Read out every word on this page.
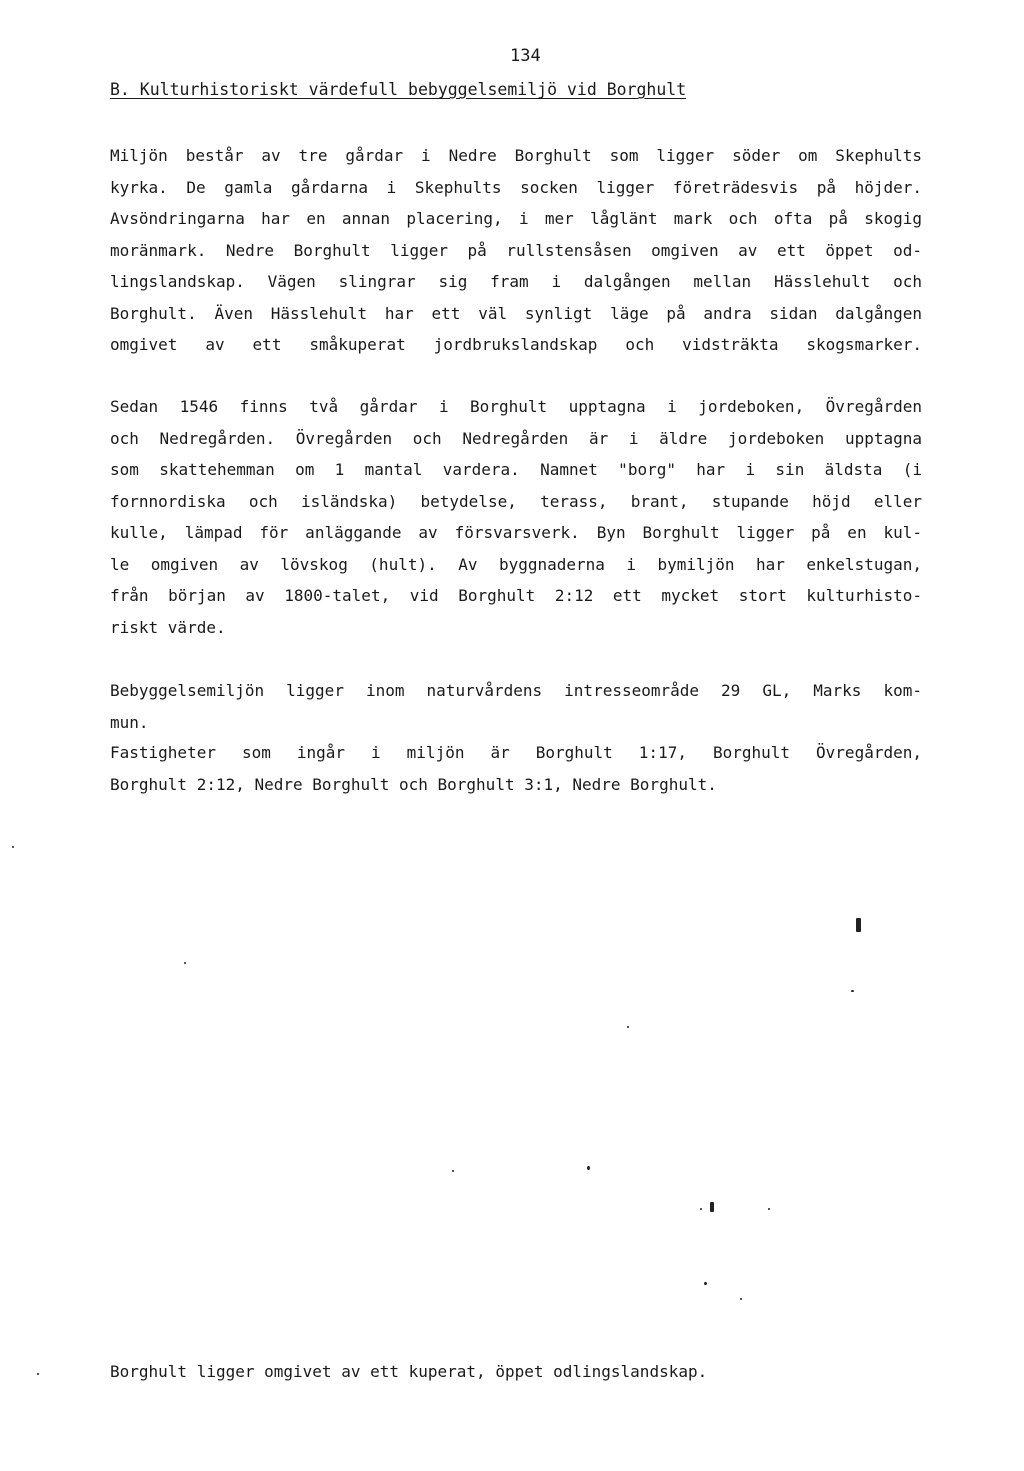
134
B. Kulturhistoriskt värdefull bebyggelsemiljö vid Borghult
Miljön består av tre gårdar i Nedre Borghult som ligger söder om Skephults
kyrka. De gamla gårdarna i Skephults socken ligger företrädesvis på höjder.
Avsöndringarna har en annan placering, i mer låglänt mark och ofta på skogig
moränmark. Nedre Borghult ligger på rullstensåsen omgiven av ett öppet od-
lingslandskap. Vägen slingrar sig fram i dalgången mellan Hässlehult och
Borghult. Även Hässlehult har ett väl synligt läge på andra sidan dalgången
omgivet av ett småkuperat jordbrukslandskap och vidsträkta skogsmarker.
Sedan 1546 finns två gårdar i Borghult upptagna i jordeboken, Övregården
och Nedregården. Övregården och Nedregården är i äldre jordeboken upptagna
som skattehemman om 1 mantal vardera. Namnet "borg" har i sin äldsta (i
fornnordiska och isländska) betydelse, terass, brant, stupande höjd eller
kulle, lämpad för anläggande av försvarsverk. Byn Borghult ligger på en kul-
le omgiven av lövskog (hult). Av byggnaderna i bymiljön har enkelstugan,
från början av 1800-talet, vid Borghult 2:12 ett mycket stort kulturhisto-
riskt värde.
Bebyggelsemiljön ligger inom naturvårdens intresseområde 29 GL, Marks kom-
mun.
Fastigheter som ingår i miljön är Borghult 1:17, Borghult Övregården,
Borghult 2:12, Nedre Borghult och Borghult 3:1, Nedre Borghult.
Borghult ligger omgivet av ett kuperat, öppet odlingslandskap.
